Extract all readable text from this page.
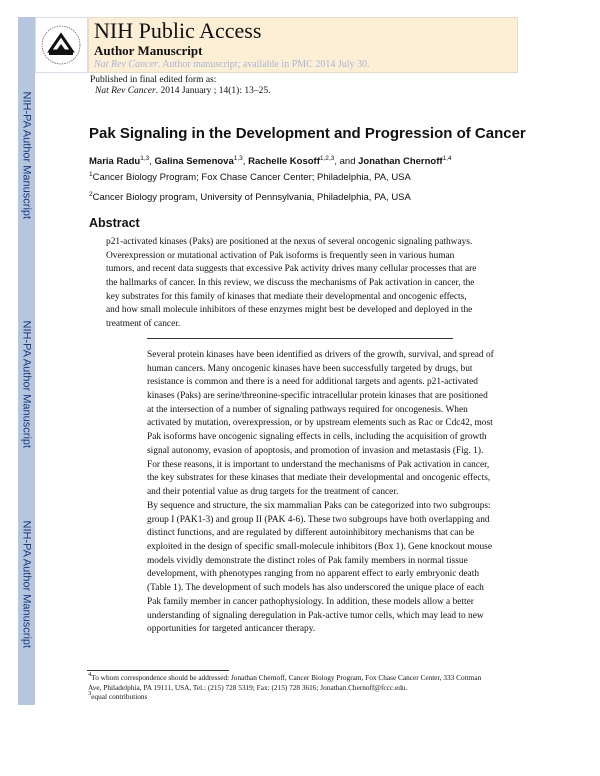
NIH-PA Author Manuscript
NIH-PA Author Manuscript
NIH-PA Author Manuscript
NIH Public Access
Author Manuscript
Nat Rev Cancer. Author manuscript; available in PMC 2014 July 30.
Published in final edited form as:
Nat Rev Cancer. 2014 January ; 14(1): 13–25.
Pak Signaling in the Development and Progression of Cancer
Maria Radu$^{1,3}$, Galina Semenova$^{1,3}$, Rachelle Kosoff$^{1,2,3}$, and Jonathan Chernoff$^{1,4}$
$^1$Cancer Biology Program; Fox Chase Cancer Center; Philadelphia, PA, USA
$^2$Cancer Biology program, University of Pennsylvania, Philadelphia, PA, USA
Abstract
p21-activated kinases (Paks) are positioned at the nexus of several oncogenic signaling pathways.
Overexpression or mutational activation of Pak isoforms is frequently seen in various human
tumors, and recent data suggests that excessive Pak activity drives many cellular processes that are
the hallmarks of cancer. In this review, we discuss the mechanisms of Pak activation in cancer, the
key substrates for this family of kinases that mediate their developmental and oncogenic effects,
and how small molecule inhibitors of these enzymes might best be developed and deployed in the
treatment of cancer.
Several protein kinases have been identified as drivers of the growth, survival, and spread of
human cancers. Many oncogenic kinases have been successfully targeted by drugs, but
resistance is common and there is a need for additional targets and agents. p21-activated
kinases (Paks) are serine/threonine-specific intracellular protein kinases that are positioned
at the intersection of a number of signaling pathways required for oncogenesis. When
activated by mutation, overexpression, or by upstream elements such as Rac or Cdc42, most
Pak isoforms have oncogenic signaling effects in cells, including the acquisition of growth
signal autonomy, evasion of apoptosis, and promotion of invasion and metastasis (Fig. 1).
For these reasons, it is important to understand the mechanisms of Pak activation in cancer,
the key substrates for these kinases that mediate their developmental and oncogenic effects,
and their potential value as drug targets for the treatment of cancer.
By sequence and structure, the six mammalian Paks can be categorized into two subgroups:
group I (PAK1-3) and group II (PAK 4-6). These two subgroups have both overlapping and
distinct functions, and are regulated by different autoinhibitory mechanisms that can be
exploited in the design of specific small-molecule inhibitors (Box 1). Gene knockout mouse
models vividly demonstrate the distinct roles of Pak family members in normal tissue
development, with phenotypes ranging from no apparent effect to early embryonic death
(Table 1). The development of such models has also underscored the unique place of each
Pak family member in cancer pathophysiology. In addition, these models allow a better
understanding of signaling deregulation in Pak-active tumor cells, which may lead to new
opportunities for targeted anticancer therapy.
$^4$To whom correspondence should be addressed: Jonathan Chernoff, Cancer Biology Program, Fox Chase Cancer Center, 333 Cottman
Ave, Philadelphia, PA 19111, USA, Tel.: (215) 728 5319; Fax: (215) 728 3616; Jonathan.Chernoff@fccc.edu.
$^3$equal contributions
